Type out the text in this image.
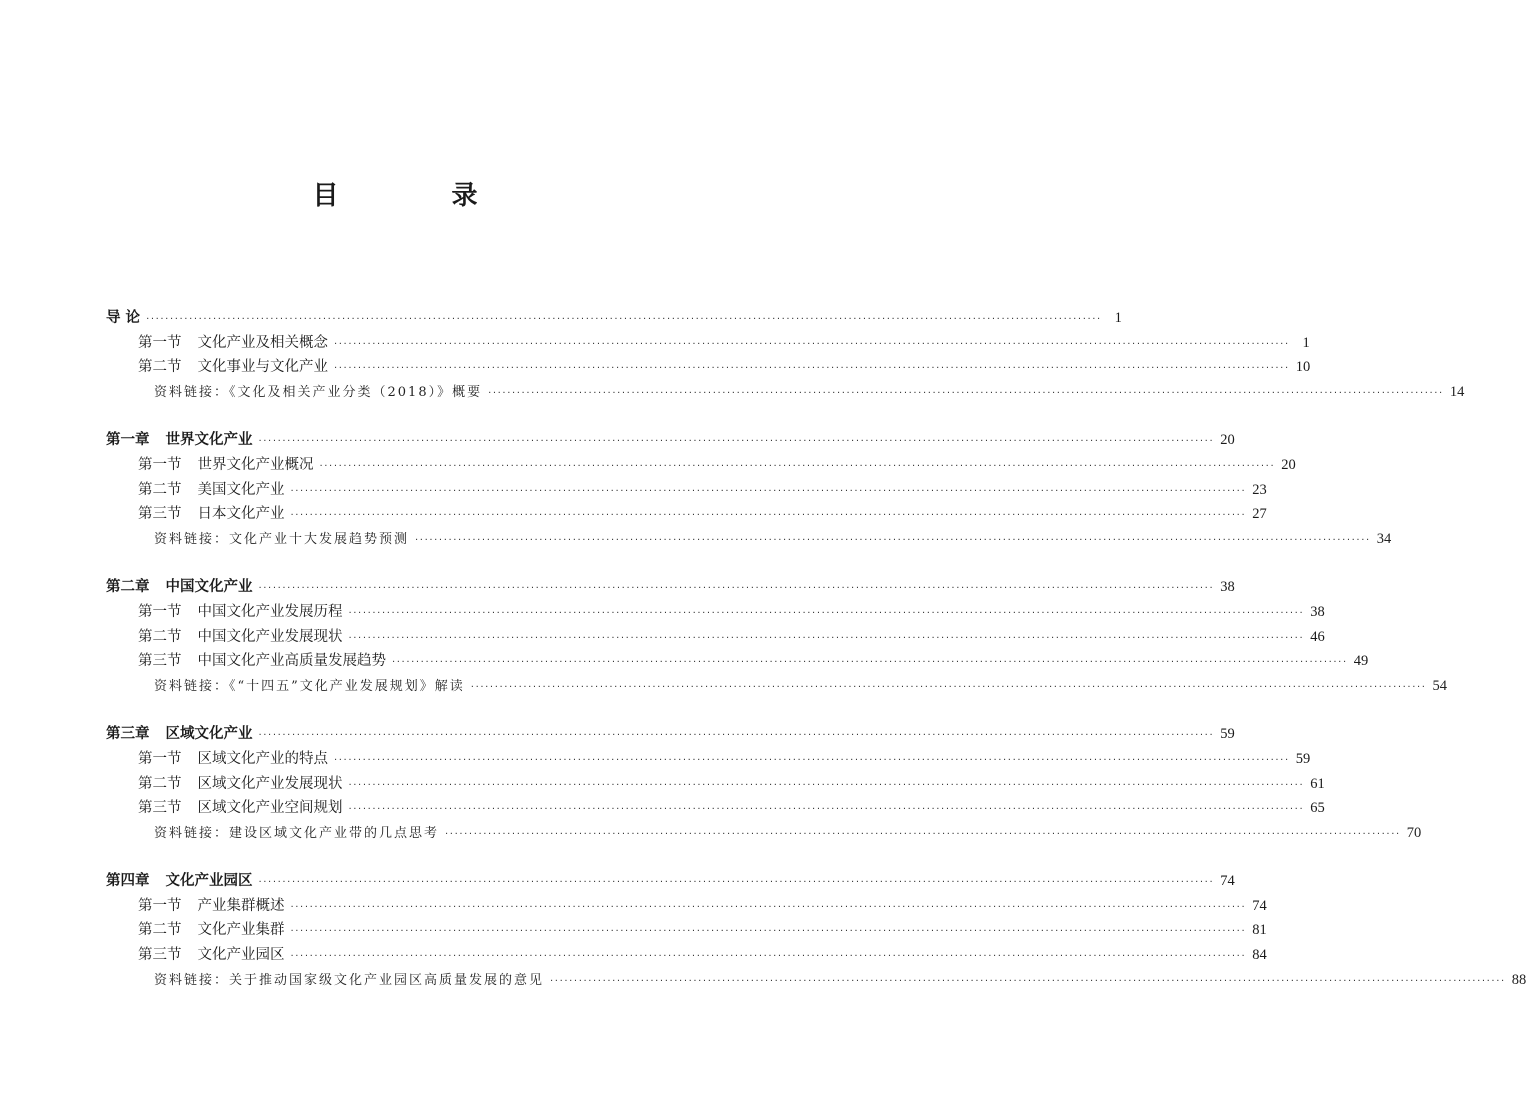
目 录
导 论 ········································································································································································································ 1
第一节 文化产业及相关概念 ········································································································································································································ 1
第二节 文化事业与文化产业 ········································································································································································································ 10
资料链接：《文化及相关产业分类（2018）》概要 ········································································································································································································ 14
第一章 世界文化产业 ········································································································································································································ 20
第一节 世界文化产业概况 ········································································································································································································ 20
第二节 美国文化产业 ········································································································································································································ 23
第三节 日本文化产业 ········································································································································································································ 27
资料链接：文化产业十大发展趋势预测 ········································································································································································································ 34
第二章 中国文化产业 ········································································································································································································ 38
第一节 中国文化产业发展历程 ········································································································································································································ 38
第二节 中国文化产业发展现状 ········································································································································································································ 46
第三节 中国文化产业高质量发展趋势 ········································································································································································································ 49
资料链接：《“十四五”文化产业发展规划》解读 ········································································································································································································ 54
第三章 区域文化产业 ········································································································································································································ 59
第一节 区域文化产业的特点 ········································································································································································································ 59
第二节 区域文化产业发展现状 ········································································································································································································ 61
第三节 区域文化产业空间规划 ········································································································································································································ 65
资料链接：建设区域文化产业带的几点思考 ········································································································································································································ 70
第四章 文化产业园区 ········································································································································································································ 74
第一节 产业集群概述 ········································································································································································································ 74
第二节 文化产业集群 ········································································································································································································ 81
第三节 文化产业园区 ········································································································································································································ 84
资料链接：关于推动国家级文化产业园区高质量发展的意见 ········································································································································································································ 88
